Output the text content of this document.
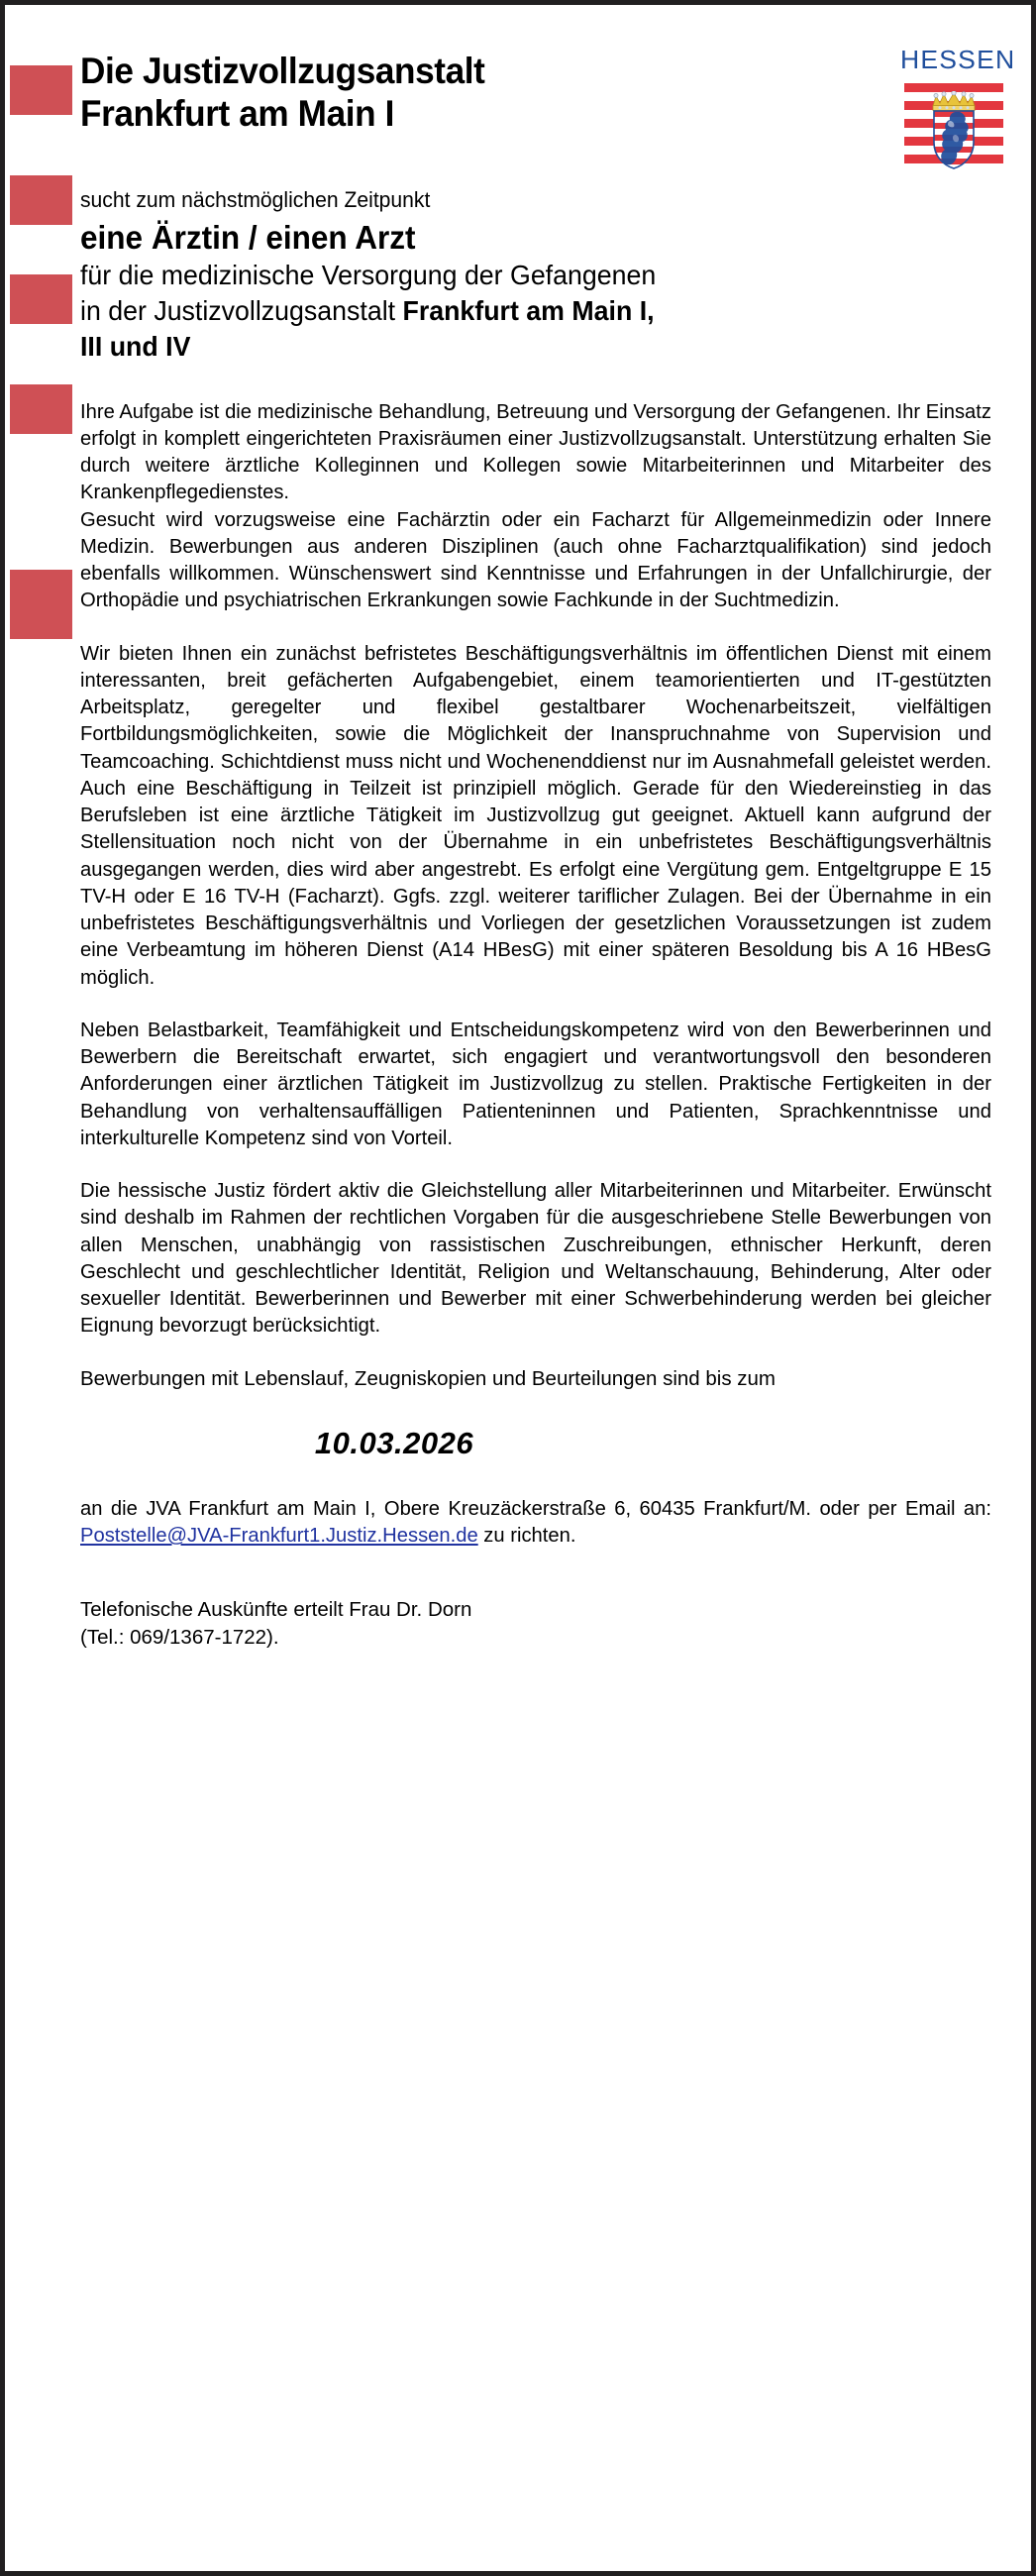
Die Justizvollzugsanstalt
Frankfurt am Main I
HESSEN
sucht zum nächstmöglichen Zeitpunkt
eine Ärztin / einen Arzt
für die medizinische Versorgung der Gefangenen
in der Justizvollzugsanstalt Frankfurt am Main I,
III und IV

Ihre Aufgabe ist die medizinische Behandlung, Betreuung und Versorgung der Gefangenen. Ihr Einsatz erfolgt in komplett eingerichteten Praxisräumen einer Justizvollzugsanstalt. Unterstützung erhalten Sie durch weitere ärztliche Kolleginnen und Kollegen sowie Mitarbeiterinnen und Mitarbeiter des Krankenpflegedienstes.

Gesucht wird vorzugsweise eine Fachärztin oder ein Facharzt für Allgemeinmedizin oder Innere Medizin. Bewerbungen aus anderen Disziplinen (auch ohne Facharztqualifikation) sind jedoch ebenfalls willkommen. Wünschenswert sind Kenntnisse und Erfahrungen in der Unfallchirurgie, der Orthopädie und psychiatrischen Erkrankungen sowie Fachkunde in der Suchtmedizin.

Wir bieten Ihnen ein zunächst befristetes Beschäftigungsverhältnis im öffentlichen Dienst mit einem interessanten, breit gefächerten Aufgabengebiet, einem teamorientierten und IT-gestützten Arbeitsplatz, geregelter und flexibel gestaltbarer Wochenarbeitszeit, vielfältigen Fortbildungsmöglichkeiten, sowie die Möglichkeit der Inanspruchnahme von Supervision und Teamcoaching. Schichtdienst muss nicht und Wochenenddienst nur im Ausnahmefall geleistet werden. Auch eine Beschäftigung in Teilzeit ist prinzipiell möglich. Gerade für den Wiedereinstieg in das Berufsleben ist eine ärztliche Tätigkeit im Justizvollzug gut geeignet. Aktuell kann aufgrund der Stellensituation noch nicht von der Übernahme in ein unbefristetes Beschäftigungsverhältnis ausgegangen werden, dies wird aber angestrebt. Es erfolgt eine Vergütung gem. Entgeltgruppe E 15 TV-H oder E 16 TV-H (Facharzt). Ggfs. zzgl. weiterer tariflicher Zulagen. Bei der Übernahme in ein unbefristetes Beschäftigungsverhältnis und Vorliegen der gesetzlichen Voraussetzungen ist zudem eine Verbeamtung im höheren Dienst (A14 HBesG) mit einer späteren Besoldung bis A 16 HBesG möglich.

Neben Belastbarkeit, Teamfähigkeit und Entscheidungskompetenz wird von den Bewerberinnen und Bewerbern die Bereitschaft erwartet, sich engagiert und verantwortungsvoll den besonderen Anforderungen einer ärztlichen Tätigkeit im Justizvollzug zu stellen. Praktische Fertigkeiten in der Behandlung von verhaltensauffälligen Patienteninnen und Patienten, Sprachkenntnisse und interkulturelle Kompetenz sind von Vorteil.

Die hessische Justiz fördert aktiv die Gleichstellung aller Mitarbeiterinnen und Mitarbeiter. Erwünscht sind deshalb im Rahmen der rechtlichen Vorgaben für die ausgeschriebene Stelle Bewerbungen von allen Menschen, unabhängig von rassistischen Zuschreibungen, ethnischer Herkunft, deren Geschlecht und geschlechtlicher Identität, Religion und Weltanschauung, Behinderung, Alter oder sexueller Identität. Bewerberinnen und Bewerber mit einer Schwerbehinderung werden bei gleicher Eignung bevorzugt berücksichtigt.

Bewerbungen mit Lebenslauf, Zeugniskopien und Beurteilungen sind bis zum

10.03.2026

an die JVA Frankfurt am Main I, Obere Kreuzäckerstraße 6, 60435 Frankfurt/M. oder per Email an: Poststelle@JVA-Frankfurt1.Justiz.Hessen.de zu richten.

Telefonische Auskünfte erteilt Frau Dr. Dorn
(Tel.: 069/1367-1722).
